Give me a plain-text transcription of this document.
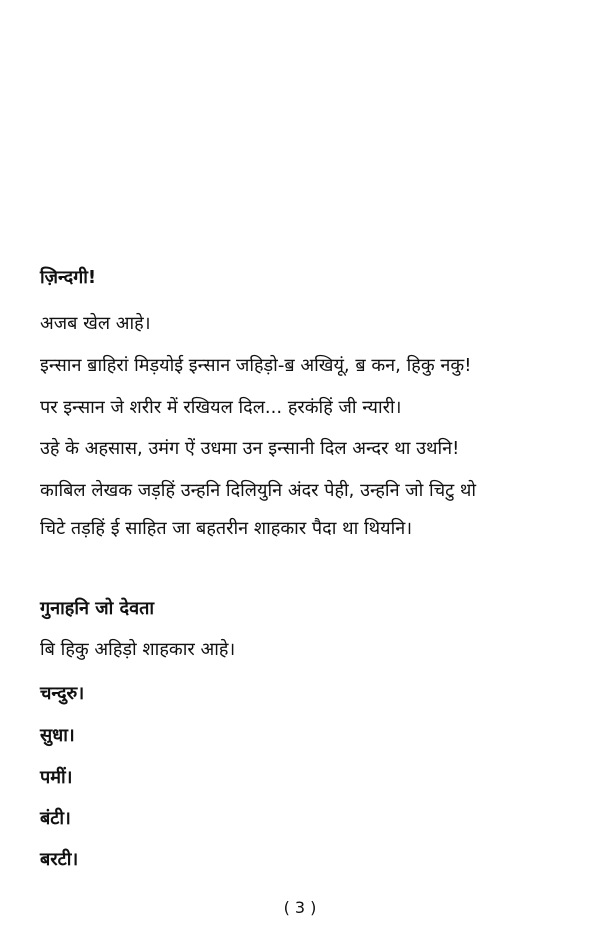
ज़िन्दगी!
अजब खेल आहे।
इन्सान ॿाहिरां मिड़योई इन्सान जहिड़ो-ॿ अखियूं, ॿ कन, हिकु नकु!
पर इन्सान जे शरीर में रखियल दिल... हरकंहिं जी न्यारी।
उहे के अहसास, उमंग ऐं उधमा उन इन्सानी दिल अन्दर था उथनि!
काबिल लेखक जड़हिं उन्हनि दिलियुनि अंदर पेही, उन्हनि जो चिटु थो
चिटे तड़हिं ई साहित जा बहतरीन शाहकार पैदा था थियनि।
गुनाहनि जो देवता
बि हिकु अहिड़ो शाहकार आहे।
चन्दुरु।
सुधा।
पमीं।
बंटी।
बरटी।
( 3 )
